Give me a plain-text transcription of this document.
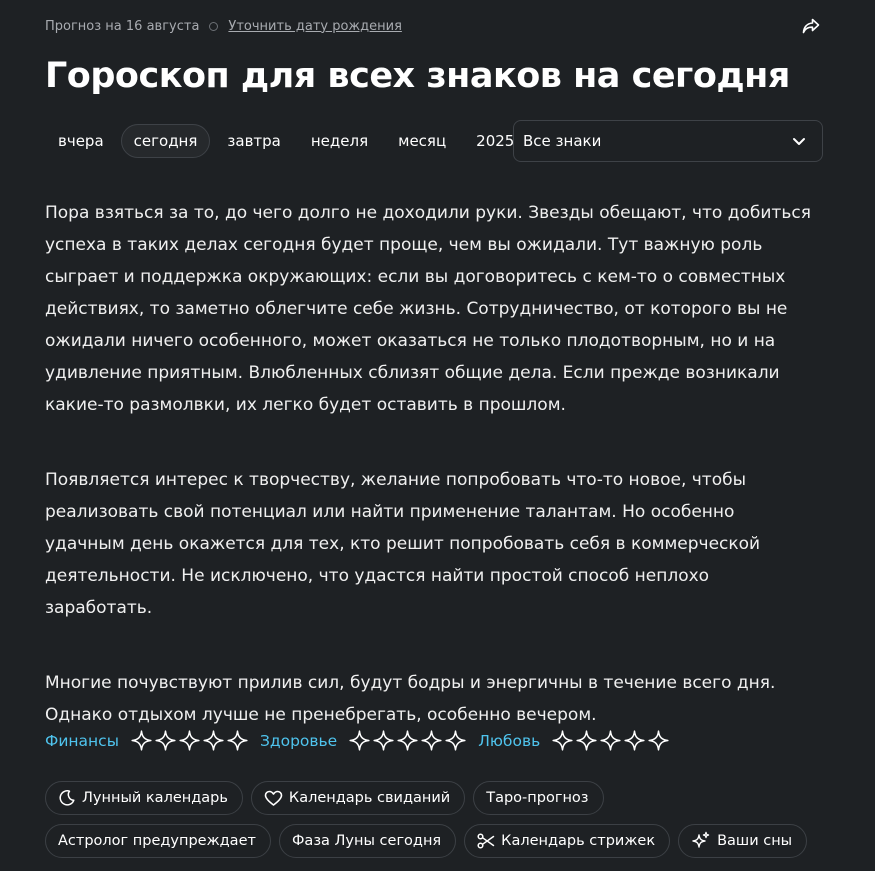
Прогноз на 16 августа Уточнить дату рождения
Гороскоп для всех знаков на сегодня
вчера	сегодня	завтра	неделя	месяц	2025 Все знаки

Пора взяться за то, до чего долго не доходили руки. Звезды обещают, что добиться успеха в таких делах сегодня будет проще, чем вы ожидали. Тут важную роль сыграет и поддержка окружающих: если вы договоритесь с кем-то о совместных действиях, то заметно облегчите себе жизнь. Сотрудничество, от которого вы не ожидали ничего особенного, может оказаться не только плодотворным, но и на удивление приятным. Влюбленных сблизят общие дела. Если прежде возникали какие-то размолвки, их легко будет оставить в прошлом.

Появляется интерес к творчеству, желание попробовать что-то новое, чтобы реализовать свой потенциал или найти применение талантам. Но особенно удачным день окажется для тех, кто решит попробовать себя в коммерческой деятельности. Не исключено, что удастся найти простой способ неплохо заработать.

Многие почувствуют прилив сил, будут бодры и энергичны в течение всего дня. Однако отдыхом лучше не пренебрегать, особенно вечером.

Финансы	Здоровье	Любовь
Лунный календарь	Календарь свиданий Таро-прогноз
Астролог предупреждает Фаза Луны сегодня	Календарь стрижек	Ваши сны
